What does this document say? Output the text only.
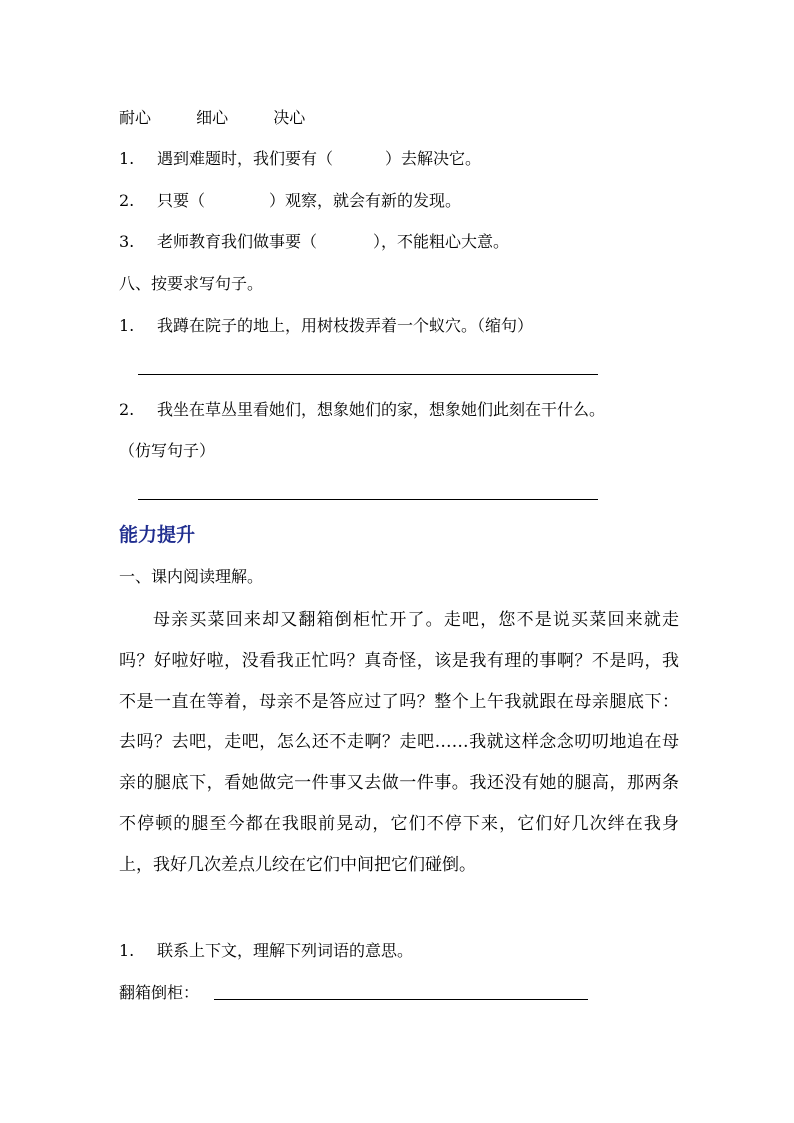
耐心	细心	决心
1. 遇到难题时，我们要有（	）去解决它。
2. 只要（	）观察，就会有新的发现。
3. 老师教育我们做事要（	），不能粗心大意。
八、按要求写句子。
1. 我蹲在院子的地上，用树枝拨弄着一个蚁穴。（缩句）
2. 我坐在草丛里看她们，想象她们的家，想象她们此刻在干什么。
（仿写句子）
能力提升
一、课内阅读理解。

母亲买菜回来却又翻箱倒柜忙开了。走吧，您不是说买菜回来就走吗？好啦好啦，没看我正忙吗？真奇怪，该是我有理的事啊？不是吗，我不是一直在等着，母亲不是答应过了吗？整个上午我就跟在母亲腿底下：去吗？去吧，走吧，怎么还不走啊？走吧……我就这样念念叨叨地追在母亲的腿底下，看她做完一件事又去做一件事。我还没有她的腿高，那两条不停顿的腿至今都在我眼前晃动，它们不停下来，它们好几次绊在我身上，我好几次差点儿绞在它们中间把它们碰倒。

1. 联系上下文，理解下列词语的意思。
翻箱倒柜：
